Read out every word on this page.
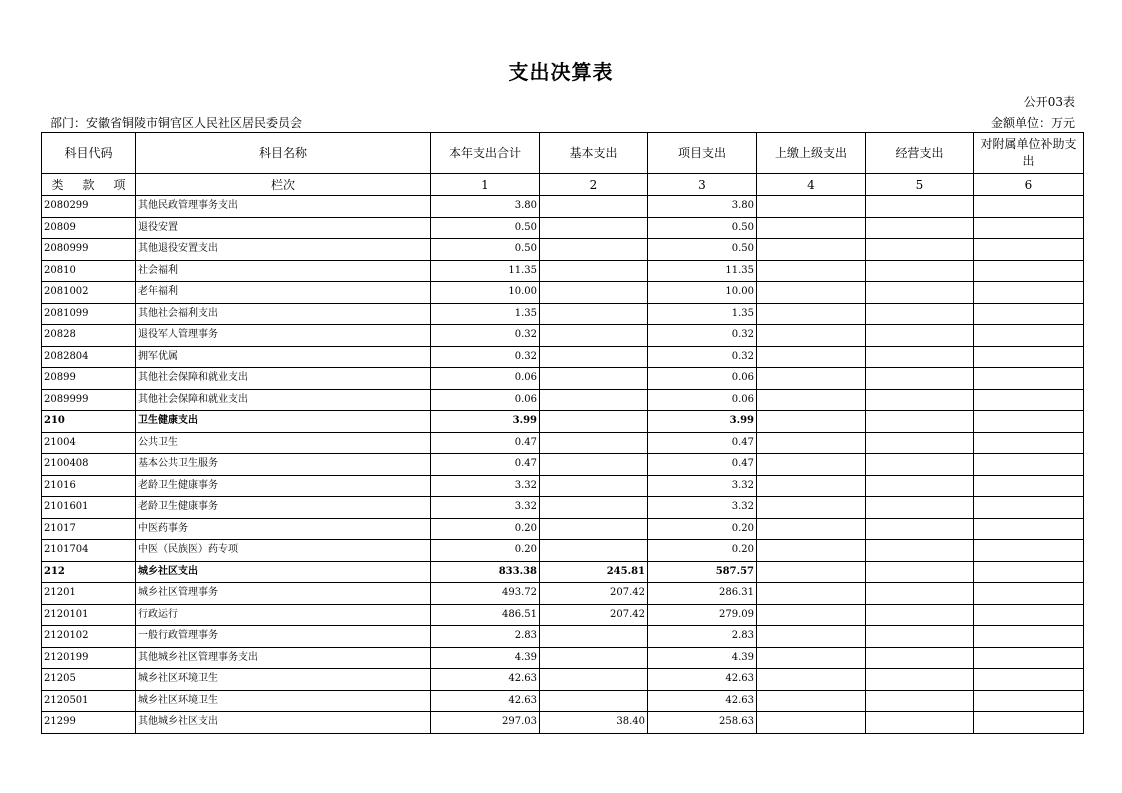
支出决算表
公开03表
部门：安徽省铜陵市铜官区人民社区居民委员会	金额单位：万元
科目代码	科目名称	本年支出合计	基本支出	项目支出	上缴上级支出	经营支出	对附属单位补助支出

类 款 项	栏次	1	2	3	4	5	6
2080299	其他民政管理事务支出	3.80		3.80			
20809	退役安置	0.50		0.50			
2080999	其他退役安置支出	0.50		0.50			
20810	社会福利	11.35		11.35			
2081002	老年福利	10.00		10.00			
2081099	其他社会福利支出	1.35		1.35			
20828	退役军人管理事务	0.32		0.32			
2082804	拥军优属	0.32		0.32			
20899	其他社会保障和就业支出	0.06		0.06			
2089999	其他社会保障和就业支出	0.06		0.06			
210	卫生健康支出	3.99		3.99			
21004	公共卫生	0.47		0.47			
2100408	基本公共卫生服务	0.47		0.47			
21016	老龄卫生健康事务	3.32		3.32			
2101601	老龄卫生健康事务	3.32		3.32			
21017	中医药事务	0.20		0.20			
2101704	中医（民族医）药专项	0.20		0.20			
212	城乡社区支出	833.38	245.81	587.57			
21201	城乡社区管理事务	493.72	207.42	286.31			
2120101	行政运行	486.51	207.42	279.09			
2120102	一般行政管理事务	2.83		2.83			
2120199	其他城乡社区管理事务支出	4.39		4.39			
21205	城乡社区环境卫生	42.63		42.63			
2120501	城乡社区环境卫生	42.63		42.63			
21299	其他城乡社区支出	297.03	38.40	258.63			
